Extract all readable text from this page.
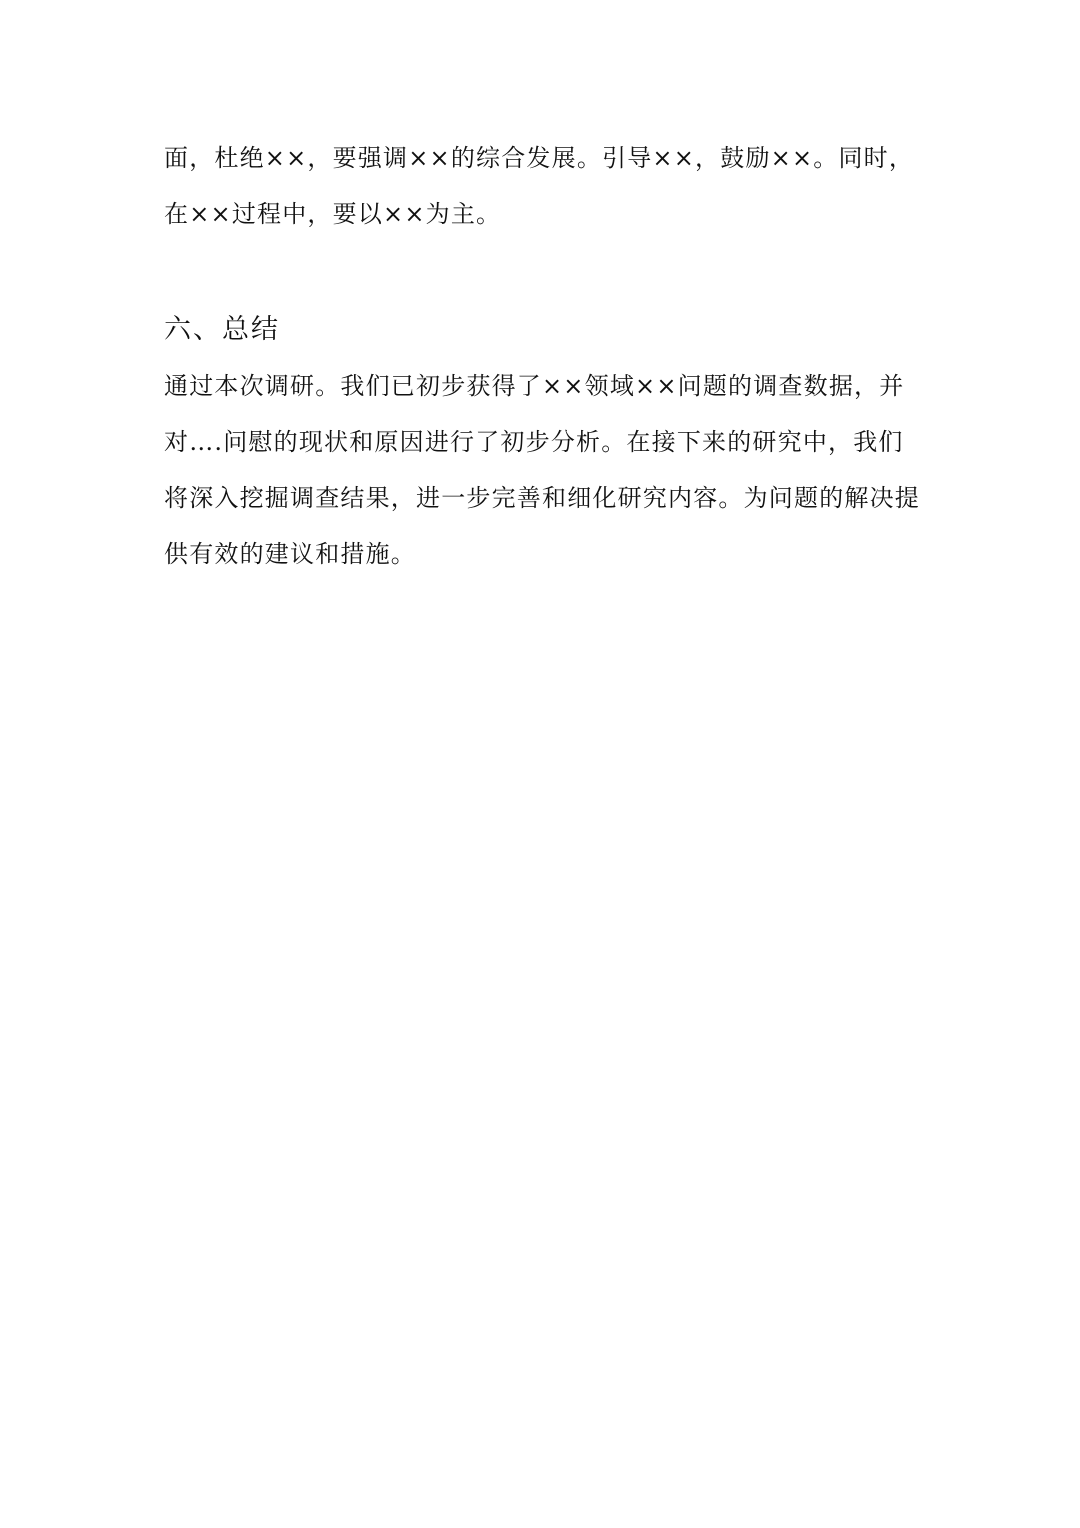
面，杜绝××，要强调××的综合发展。引导××，鼓励××。同时，
在××过程中，要以××为主。
六、总结
通过本次调研。我们已初步获得了××领域××问题的调查数据，并
对….问慰的现状和原因进行了初步分析。在接下来的研究中，我们
将深入挖掘调查结果，进一步完善和细化研究内容。为问题的解决提
供有效的建议和措施。
